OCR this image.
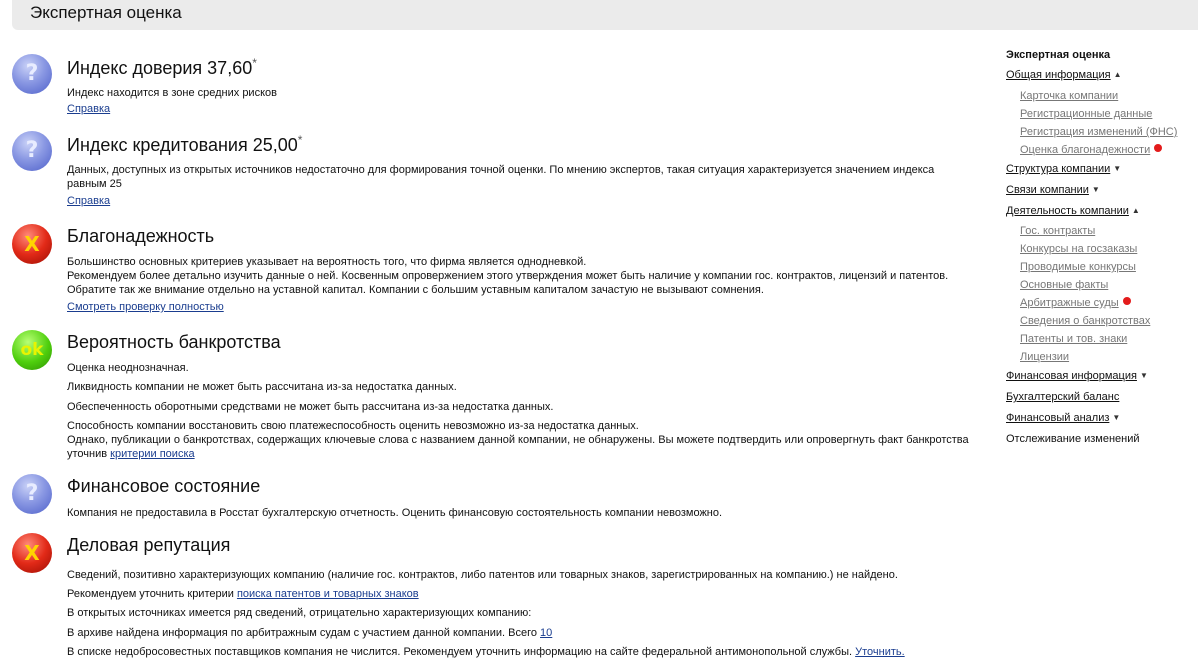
Экспертная оценка
?	Индекс доверия 37,60*
Индекс находится в зоне средних рисков
Справка
?	Индекс кредитования 25,00*
Данных, доступных из открытых источников недостаточно для формирования точной оценки. По мнению экспертов, такая ситуация характеризуется значением индекса
равным 25
Справка
X	Благонадежность
Большинство основных критериев указывает на вероятность того, что фирма является однодневкой.
Рекомендуем более детально изучить данные о ней. Косвенным опровержением этого утверждения может быть наличие у компании гос. контрактов, лицензий и патентов.
Обратите так же внимание отдельно на уставной капитал. Компании с большим уставным капиталом зачастую не вызывают сомнения.
Смотреть проверку полностью
ok	Вероятность банкротства
Оценка неоднозначная.
Ликвидность компании не может быть рассчитана из-за недостатка данных.
Обеспеченность оборотными средствами не может быть рассчитана из-за недостатка данных.
Способность компании восстановить свою платежеспособность оценить невозможно из-за недостатка данных.
Однако, публикации о банкротствах, содержащих ключевые слова с названием данной компании, не обнаружены. Вы можете подтвердить или опровергнуть факт банкротства
уточнив критерии поиска
?	Финансовое состояние
Компания не предоставила в Росстат бухгалтерскую отчетность. Оценить финансовую состоятельность компании невозможно.
X	Деловая репутация
Сведений, позитивно характеризующих компанию (наличие гос. контрактов, либо патентов или товарных знаков, зарегистрированных на компанию.) не найдено.
Рекомендуем уточнить критерии поиска патентов и товарных знаков
В открытых источниках имеется ряд сведений, отрицательно характеризующих компанию:
В архиве найдена информация по арбитражным судам с участием данной компании. Всего 10
В списке недобросовестных поставщиков компания не числится. Рекомендуем уточнить информацию на сайте федеральной антимонопольной службы. Уточнить.
Экспертная оценка
Общая информация ▲
Карточка компании
Регистрационные данные
Регистрация изменений (ФНС)
Оценка благонадежности
Структура компании ▼
Связи компании ▼
Деятельность компании ▲
Гос. контракты
Конкурсы на госзаказы
Проводимые конкурсы
Основные факты
Арбитражные суды
Сведения о банкротствах
Патенты и тов. знаки
Лицензии
Финансовая информация ▼
Бухгалтерский баланс
Финансовый анализ ▼
Отслеживание изменений
